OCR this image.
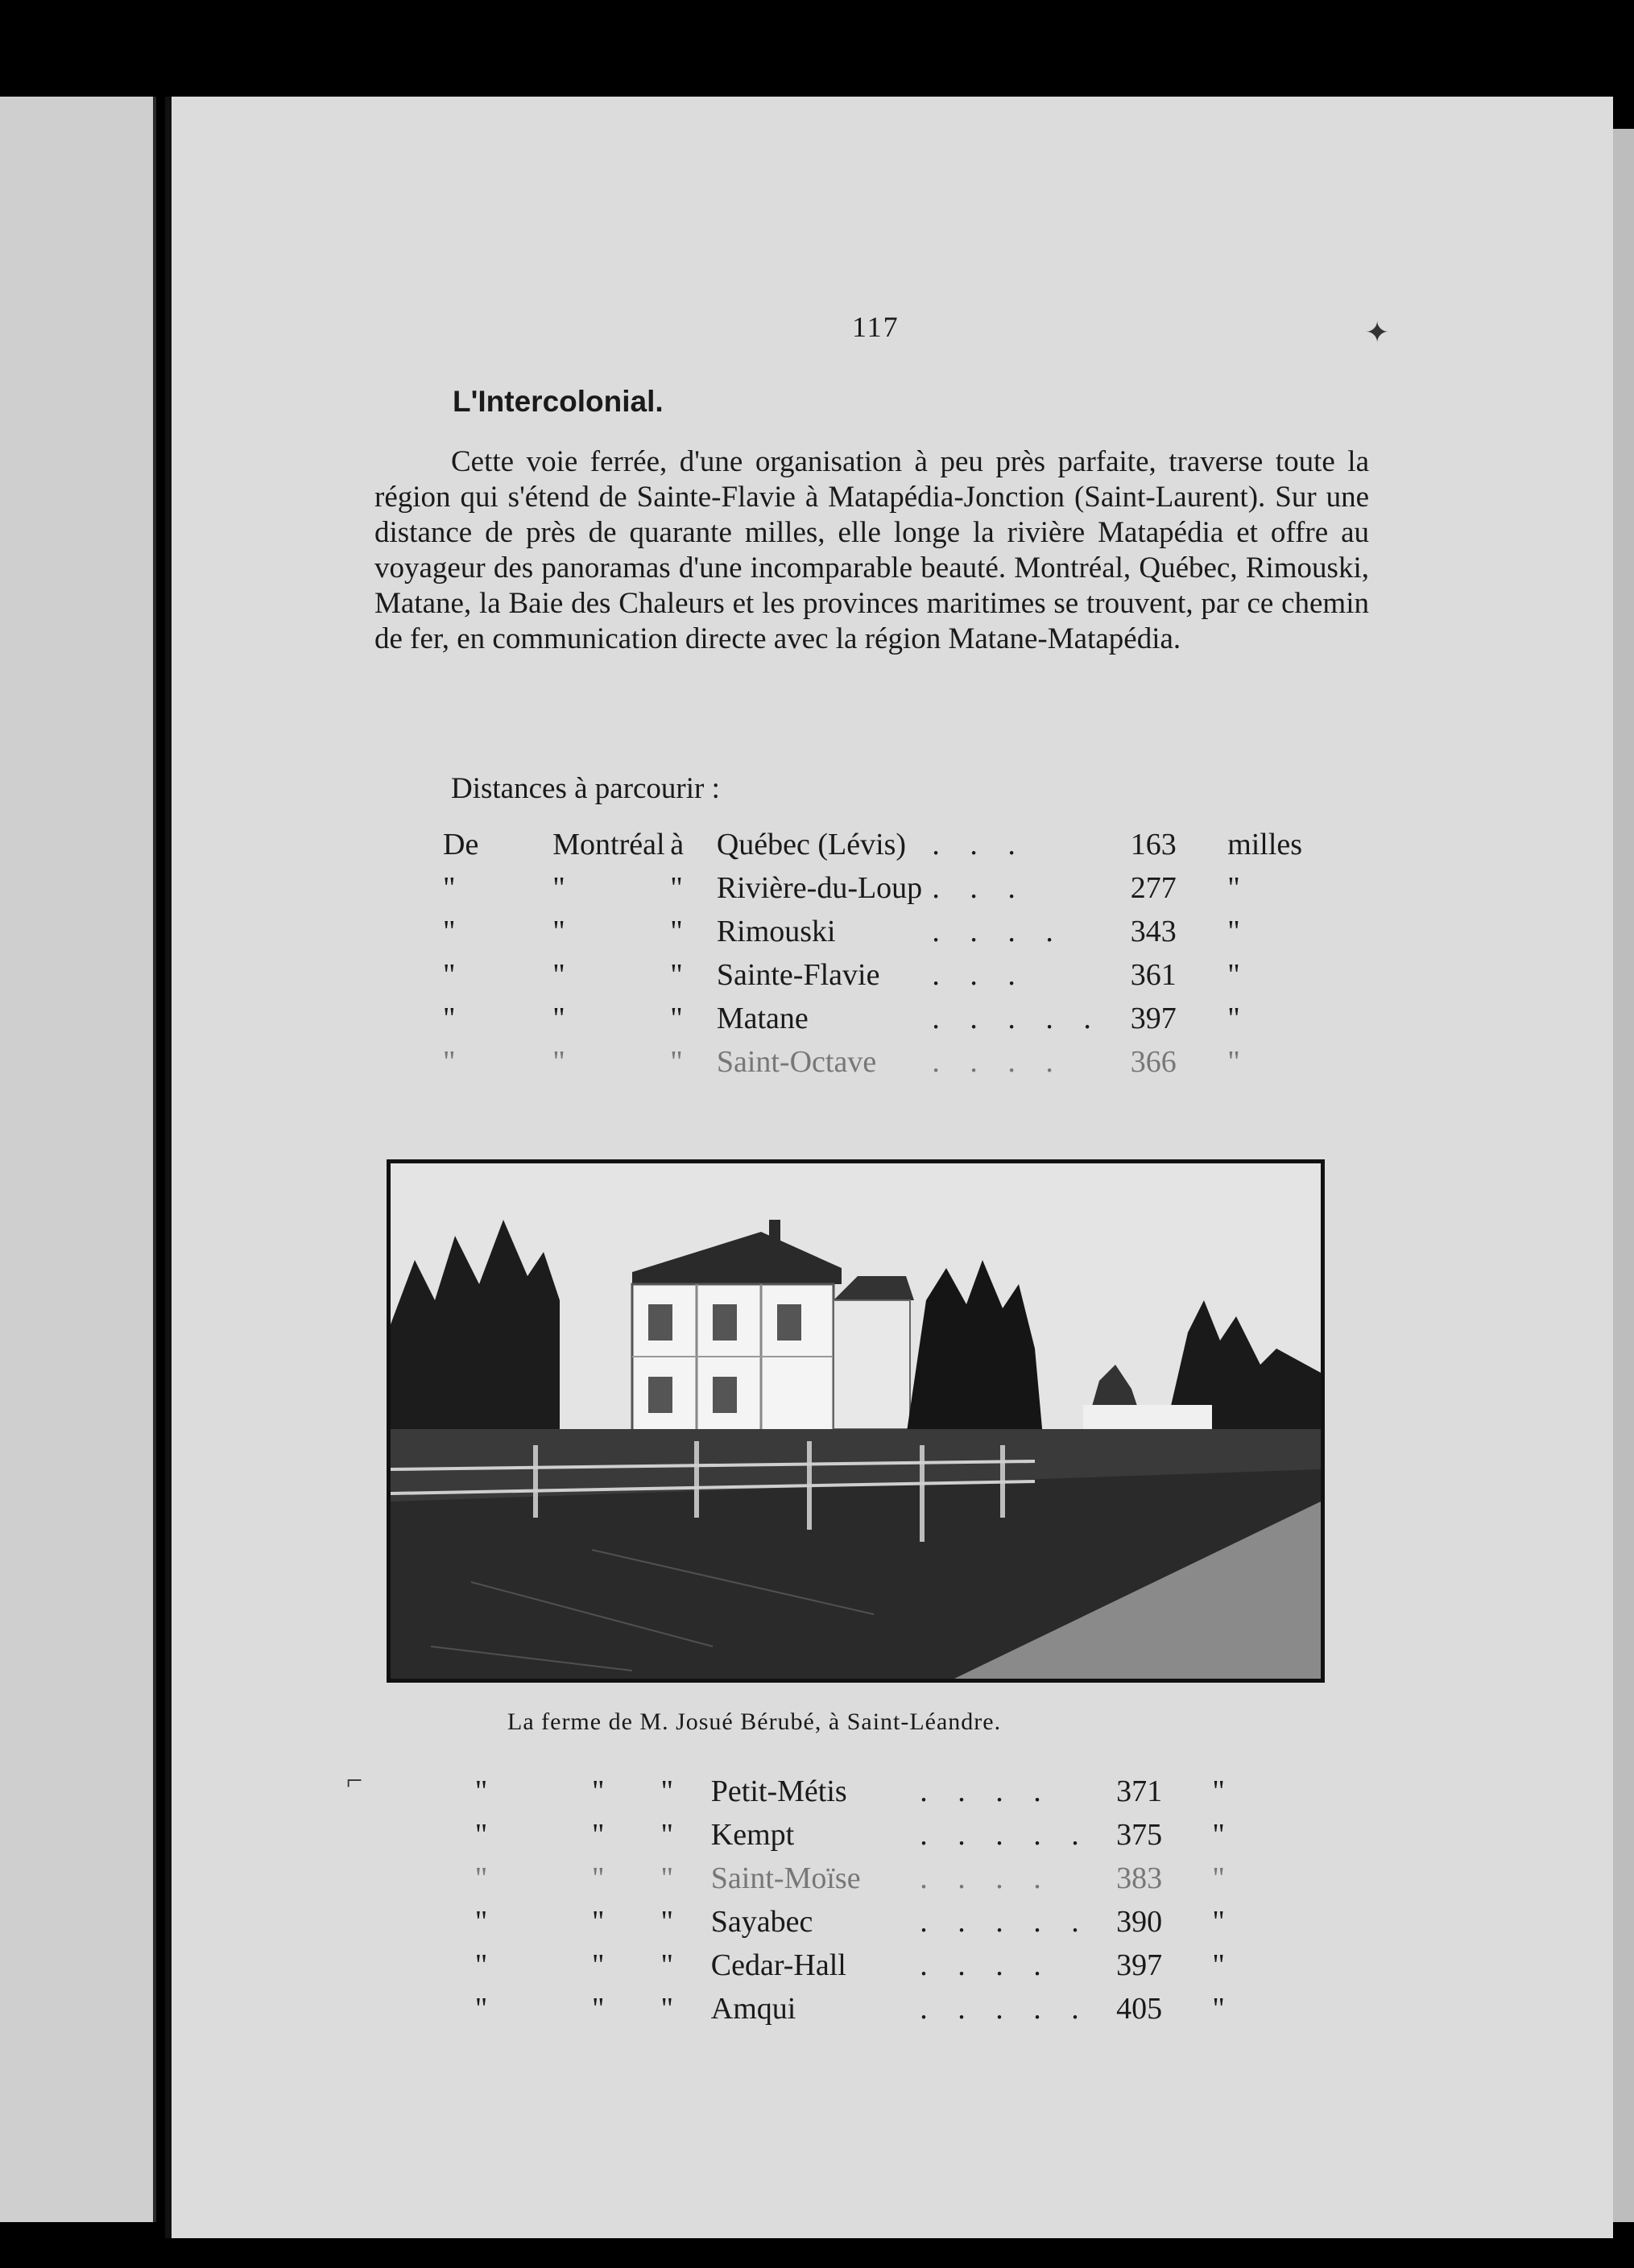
117	✦
L'Intercolonial.
Cette voie ferrée, d'une organisation à peu près parfaite, traverse toute la région qui s'étend de Sainte-Flavie à Matapédia-Jonction (Saint-Laurent). Sur une distance de près de quarante milles, elle longe la rivière Matapédia et offre au voyageur des panoramas d'une incomparable beauté. Montréal, Québec, Rimouski, Matane, la Baie des Chaleurs et les provinces maritimes se trouvent, par ce chemin de fer, en communication directe avec la région Matane-Matapédia.
Distances à parcourir :
De	Montréal	à	Québec (Lévis)	. . .	163	milles
"	"	"	Rivière-du-Loup	. . .	277	"
"	"	"	Rimouski	. . . .	343	"
"	"	"	Sainte-Flavie	. . .	361	"
"	"	"	Matane	. . . . .	397	"
"	"	"	Saint-Octave	. . . .	366	"
La ferme de M. Josué Bérubé, à Saint-Léandre.
⌐	"	"	"	Petit-Métis	. . . .	371	"
"	"	"	Kempt	. . . . .	375	"
"	"	"	Saint-Moïse	. . . .	383	"
"	"	"	Sayabec	. . . . .	390	"
"	"	"	Cedar-Hall	. . . .	397	"
"	"	"	Amqui	. . . . .	405	"
